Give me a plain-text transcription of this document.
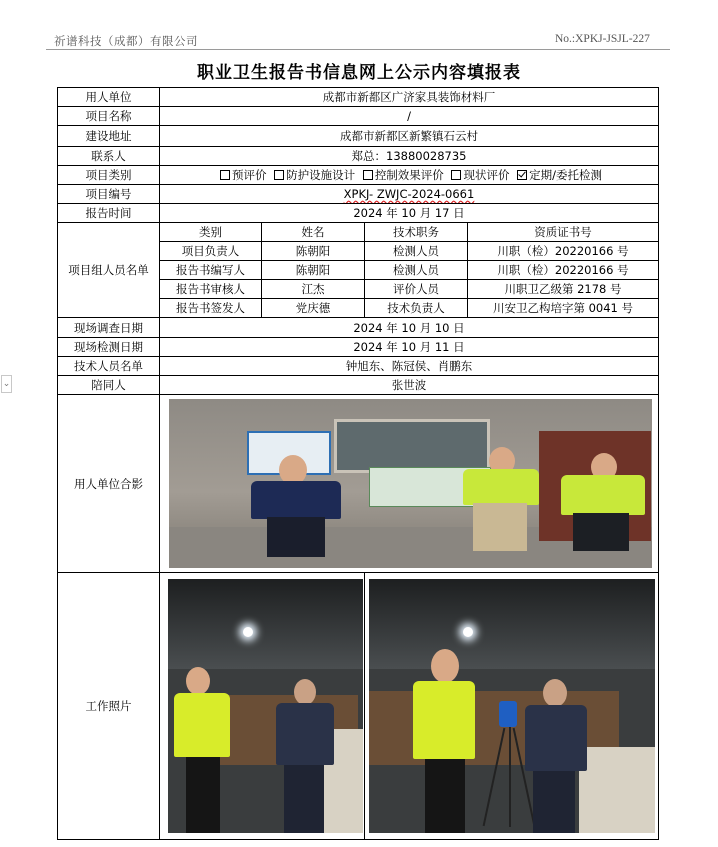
祈谱科技（成都）有限公司	No.:XPKJ-JSJL-227
职业卫生报告书信息网上公示内容填报表
⌄
用人单位	成都市新都区广济家具装饰材料厂			
项目名称	/			
建设地址	成都市新都区新繁镇石云村			
联系人	郑总：13880028735			
项目类别	预评价 防护设施设计 控制效果评价 现状评价 定期/委托检测			
项目编号	XPKJ- ZWJC-2024-0661			
报告时间	2024 年 10 月 17 日			
项目组人员名单	类别	姓名	技术职务	资质证书号
	项目负责人	陈朝阳	检测人员	川职（检）20220166 号
	报告书编写人	陈朝阳	检测人员	川职（检）20220166 号
	报告书审核人	江杰	评价人员	川职卫乙级第 2178 号
	报告书签发人	党庆德	技术负责人	川安卫乙构培字第 0041 号
现场调查日期	2024 年 10 月 10 日			
现场检测日期	2024 年 10 月 11 日			
技术人员名单	钟旭东、陈冠侯、肖鹏东			
陪同人	张世波			
用人单位合影				

工作照片			
